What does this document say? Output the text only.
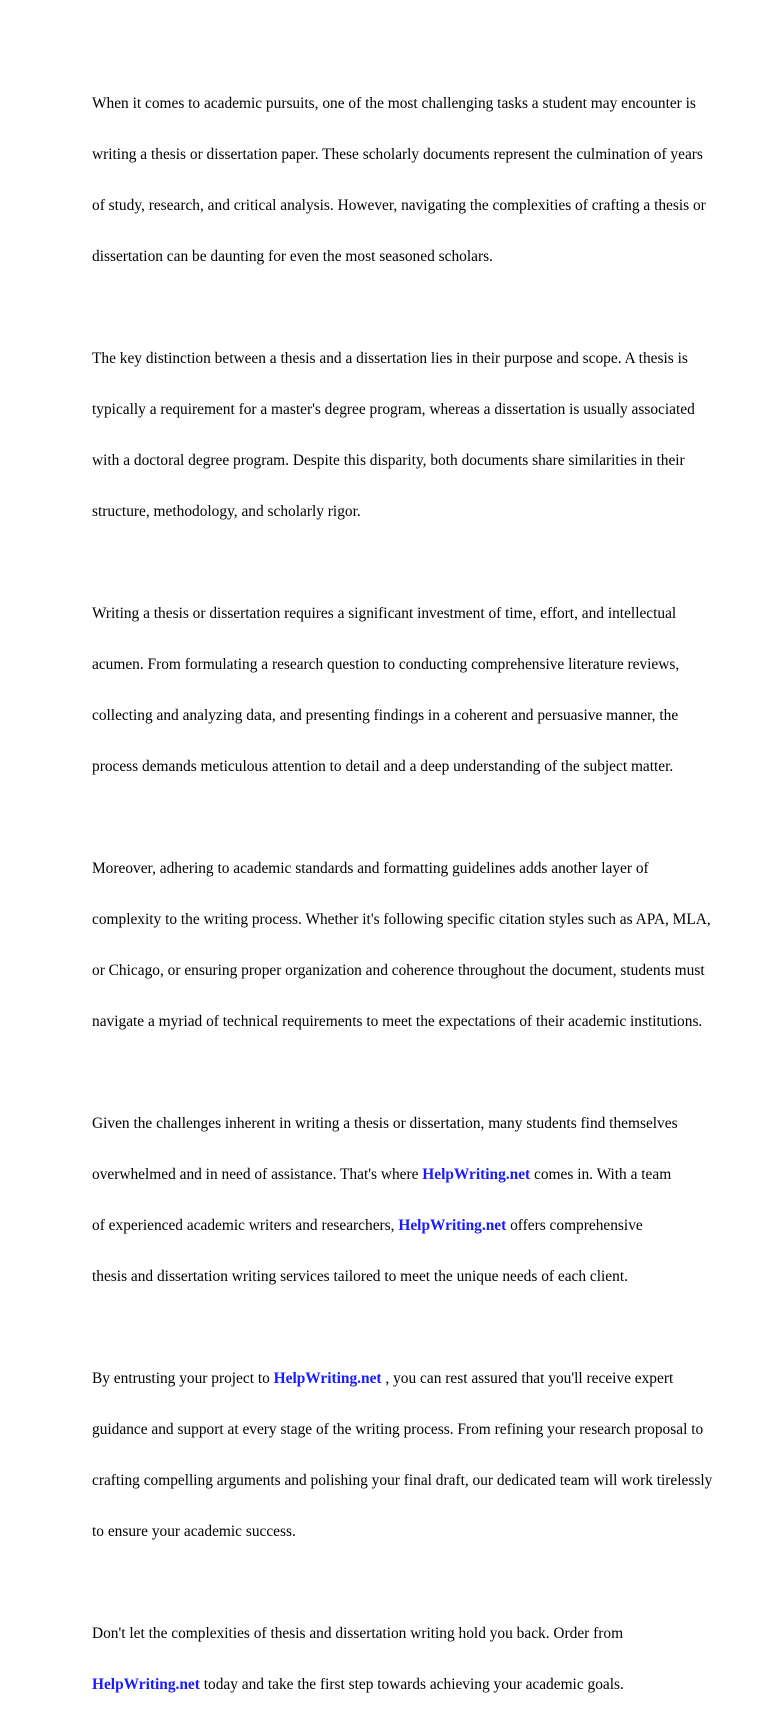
When it comes to academic pursuits, one of the most challenging tasks a student may encounter is

writing a thesis or dissertation paper. These scholarly documents represent the culmination of years

of study, research, and critical analysis. However, navigating the complexities of crafting a thesis or

dissertation can be daunting for even the most seasoned scholars.

The key distinction between a thesis and a dissertation lies in their purpose and scope. A thesis is

typically a requirement for a master's degree program, whereas a dissertation is usually associated

with a doctoral degree program. Despite this disparity, both documents share similarities in their

structure, methodology, and scholarly rigor.

Writing a thesis or dissertation requires a significant investment of time, effort, and intellectual

acumen. From formulating a research question to conducting comprehensive literature reviews,

collecting and analyzing data, and presenting findings in a coherent and persuasive manner, the

process demands meticulous attention to detail and a deep understanding of the subject matter.

Moreover, adhering to academic standards and formatting guidelines adds another layer of

complexity to the writing process. Whether it's following specific citation styles such as APA, MLA,

or Chicago, or ensuring proper organization and coherence throughout the document, students must

navigate a myriad of technical requirements to meet the expectations of their academic institutions.

Given the challenges inherent in writing a thesis or dissertation, many students find themselves

overwhelmed and in need of assistance. That's where HelpWriting.net comes in. With a team

of experienced academic writers and researchers, HelpWriting.net offers comprehensive

thesis and dissertation writing services tailored to meet the unique needs of each client.

By entrusting your project to HelpWriting.net , you can rest assured that you'll receive expert

guidance and support at every stage of the writing process. From refining your research proposal to

crafting compelling arguments and polishing your final draft, our dedicated team will work tirelessly

to ensure your academic success.

Don't let the complexities of thesis and dissertation writing hold you back. Order from

HelpWriting.net today and take the first step towards achieving your academic goals.
